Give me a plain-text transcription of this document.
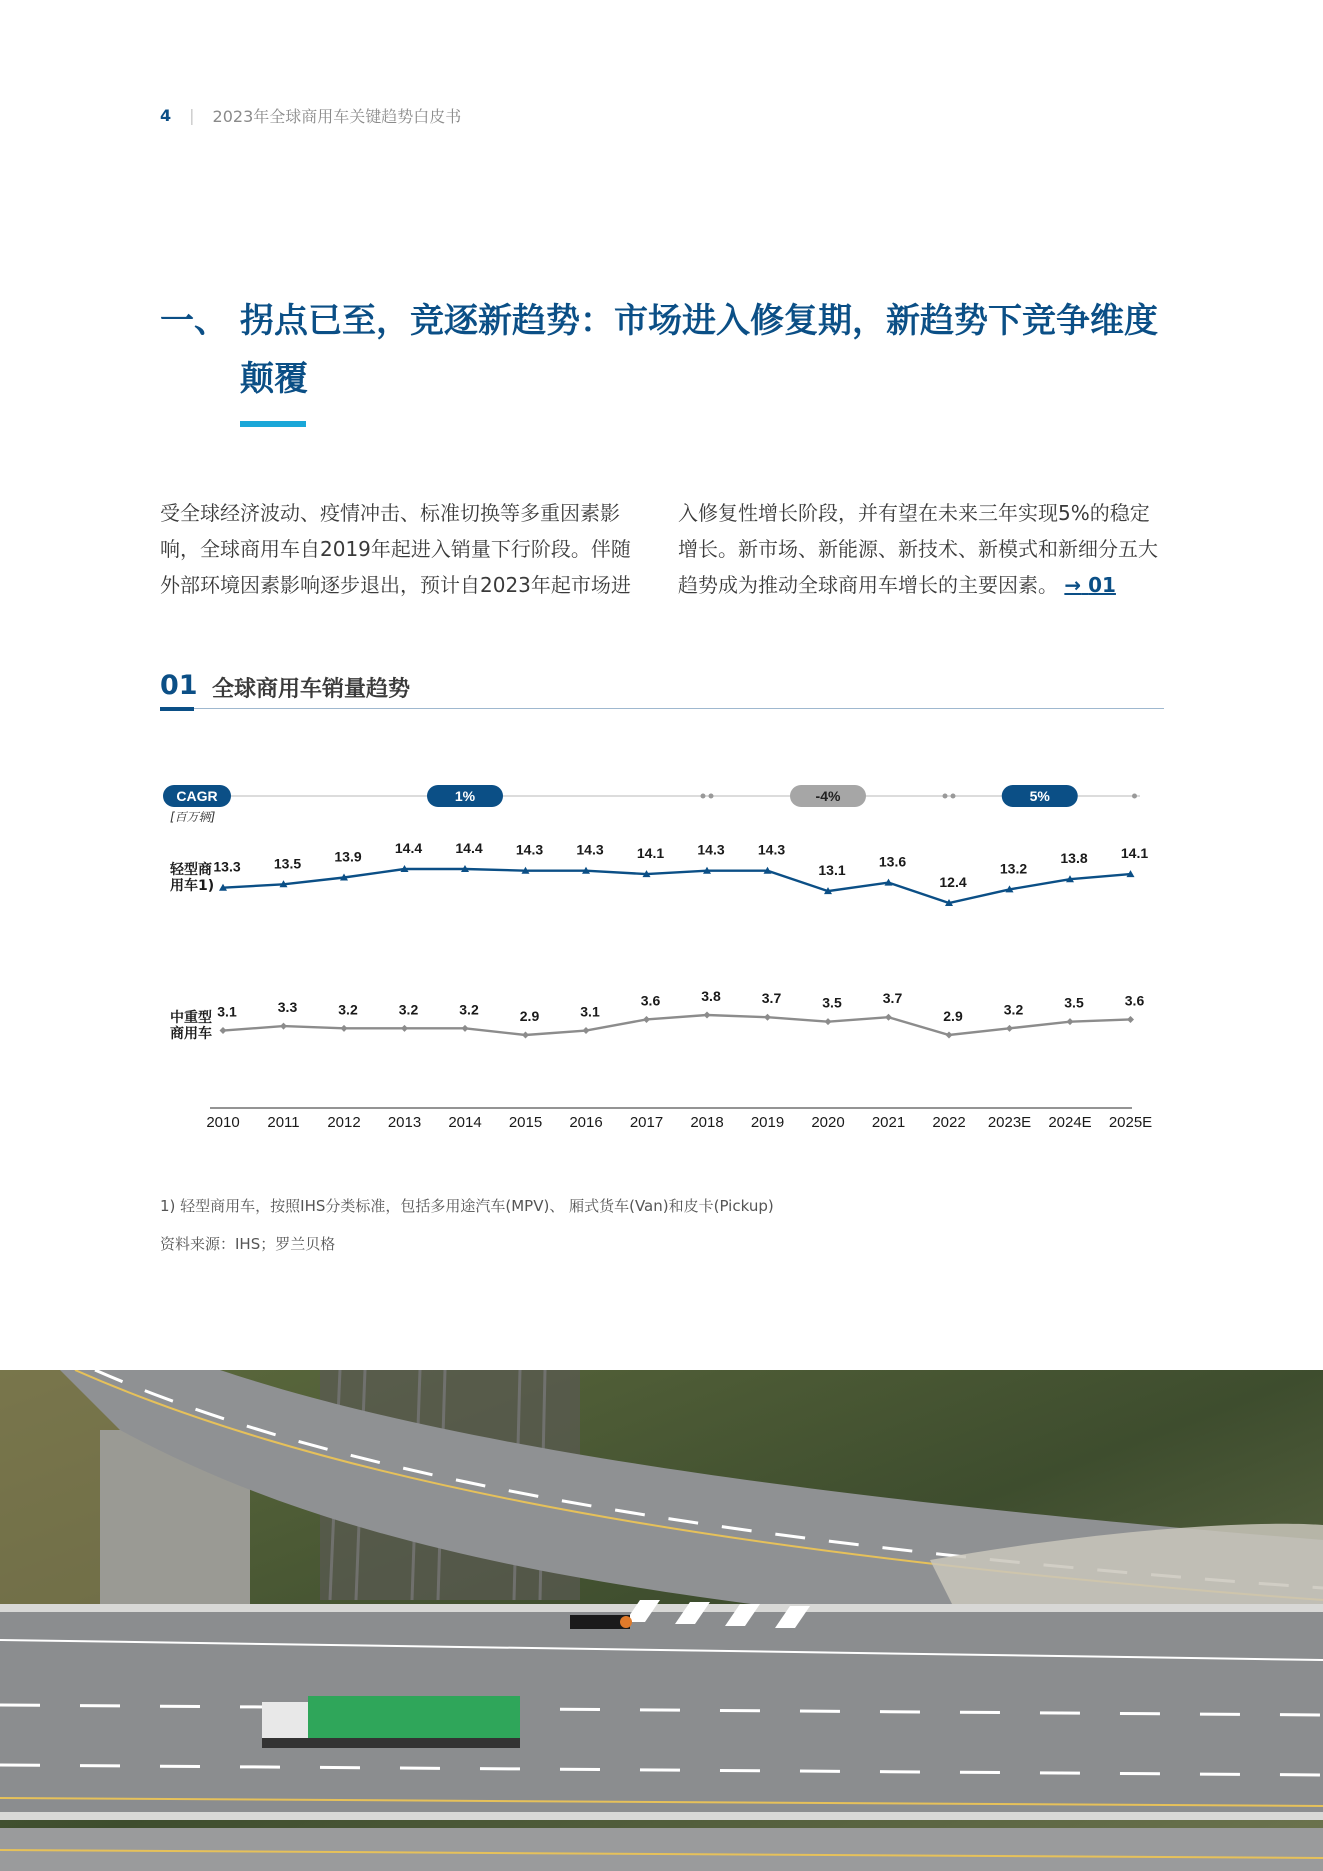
4 | 2023年全球商用车关键趋势白皮书
一、 拐点已至，竞逐新趋势：市场进入修复期，新趋势下竞争维度颠覆
受全球经济波动、疫情冲击、标准切换等多重因素影响，全球商用车自2019年起进入销量下行阶段。伴随外部环境因素影响逐步退出，预计自2023年起市场进
入修复性增长阶段，并有望在未来三年实现5%的稳定增长。新市场、新能源、新技术、新模式和新细分五大趋势成为推动全球商用车增长的主要因素。 → 01
01 全球商用车销量趋势
CAGR
[百万辆]
1%	-4%	5%
13.3 13.5 13.9
14.4 14.4 14.3 14.3 14.1 14.3 14.3
13.1
13.6
12.4
13.2
13.8 14.1
轻型商
用车1)
3.1	3.3	3.2	3.2	3.2	2.9	3.1
3.6	3.8	3.7	3.5	3.7
2.9	3.2	3.5	3.6
中重型
商用车
2010 2011 2012 2013 2014 2015 2016 2017 2018 2019 2020 2021 2022 2023E 2024E 2025E
1) 轻型商用车，按照IHS分类标准，包括多用途汽车(MPV)、 厢式货车(Van)和皮卡(Pickup)
资料来源：IHS；罗兰贝格
